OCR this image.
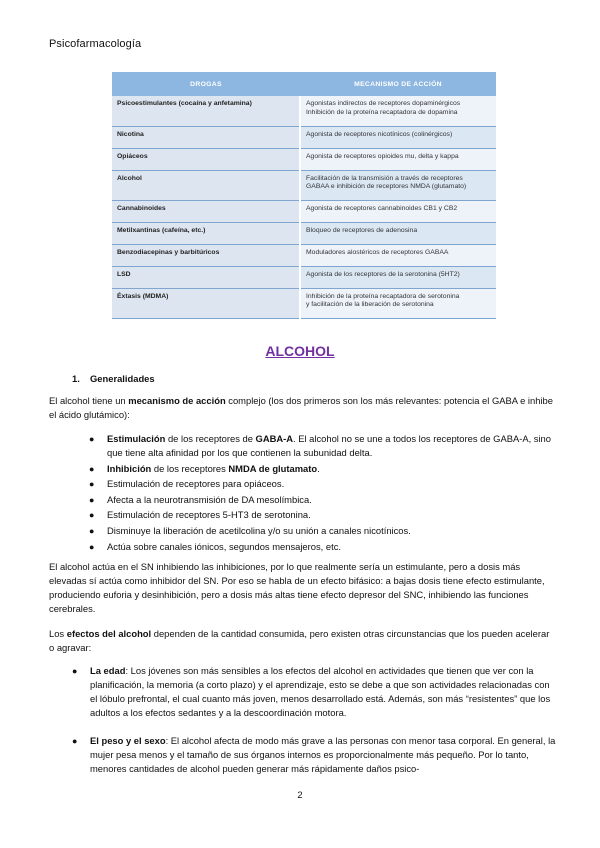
Psicofarmacología
DROGAS	MECANISMO DE ACCIÓN
Psicoestimulantes (cocaína y anfetamina)	Agonistas indirectos de receptores dopaminérgicos
Inhibición de la proteína recaptadora de dopamina

Nicotina	Agonista de receptores nicotínicos (colinérgicos)

Opiáceos	Agonista de receptores opioides mu, delta y kappa

Alcohol	Facilitación de la transmisión a través de receptores
GABAA e inhibición de receptores NMDA (glutamato)

Cannabinoides	Agonista de receptores cannabinoides CB1 y CB2

Metilxantinas (cafeína, etc.)	Bloqueo de receptores de adenosina

Benzodiacepinas y barbitúricos	Moduladores alostéricos de receptores GABAA

LSD	Agonista de los receptores de la serotonina (5HT2)

Éxtasis (MDMA)	Inhibición de la proteína recaptadora de serotonina
y facilitación de la liberación de serotonina
ALCOHOL
1. Generalidades
El alcohol tiene un mecanismo de acción complejo (los dos primeros son los más relevantes: potencia el GABA e inhibe el ácido glutámico):
● Estimulación de los receptores de GABA-A. El alcohol no se une a todos los receptores de GABA-A, sino que tiene alta afinidad por los que contienen la subunidad delta.
● Inhibición de los receptores NMDA de glutamato.
● Estimulación de receptores para opiáceos.
● Afecta a la neurotransmisión de DA mesolímbica.
● Estimulación de receptores 5-HT3 de serotonina.
● Disminuye la liberación de acetilcolina y/o su unión a canales nicotínicos.
● Actúa sobre canales iónicos, segundos mensajeros, etc.
El alcohol actúa en el SN inhibiendo las inhibiciones, por lo que realmente sería un estimulante, pero a dosis más elevadas sí actúa como inhibidor del SN. Por eso se habla de un efecto bifásico: a bajas dosis tiene efecto estimulante, produciendo euforia y desinhibición, pero a dosis más altas tiene efecto depresor del SNC, inhibiendo las funciones cerebrales.
Los efectos del alcohol dependen de la cantidad consumida, pero existen otras circunstancias que los pueden acelerar o agravar:
● La edad: Los jóvenes son más sensibles a los efectos del alcohol en actividades que tienen que ver con la planificación, la memoria (a corto plazo) y el aprendizaje, esto se debe a que son actividades relacionadas con el lóbulo prefrontal, el cual cuanto más joven, menos desarrollado está. Además, son más “resistentes” que los adultos a los efectos sedantes y a la descoordinación motora.
● El peso y el sexo: El alcohol afecta de modo más grave a las personas con menor tasa corporal. En general, la mujer pesa menos y el tamaño de sus órganos internos es proporcionalmente más pequeño. Por lo tanto, menores cantidades de alcohol pueden generar más rápidamente daños psico-
2
